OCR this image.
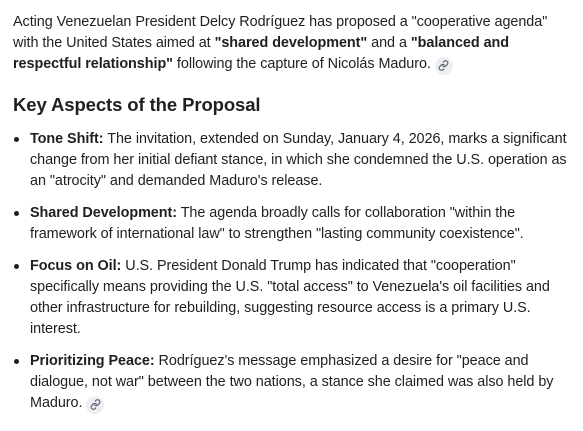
Acting Venezuelan President Delcy Rodríguez has proposed a "cooperative agenda" with the United States aimed at "shared development" and a "balanced and respectful relationship" following the capture of Nicolás Maduro.

Key Aspects of the Proposal
Tone Shift: The invitation, extended on Sunday, January 4, 2026, marks a significant change from her initial defiant stance, in which she condemned the U.S. operation as an "atrocity" and demanded Maduro's release.
Shared Development: The agenda broadly calls for collaboration "within the framework of international law" to strengthen "lasting community coexistence".
Focus on Oil: U.S. President Donald Trump has indicated that "cooperation" specifically means providing the U.S. "total access" to Venezuela's oil facilities and other infrastructure for rebuilding, suggesting resource access is a primary U.S. interest.
Prioritizing Peace: Rodríguez's message emphasized a desire for "peace and dialogue, not war" between the two nations, a stance she claimed was also held by Maduro.
